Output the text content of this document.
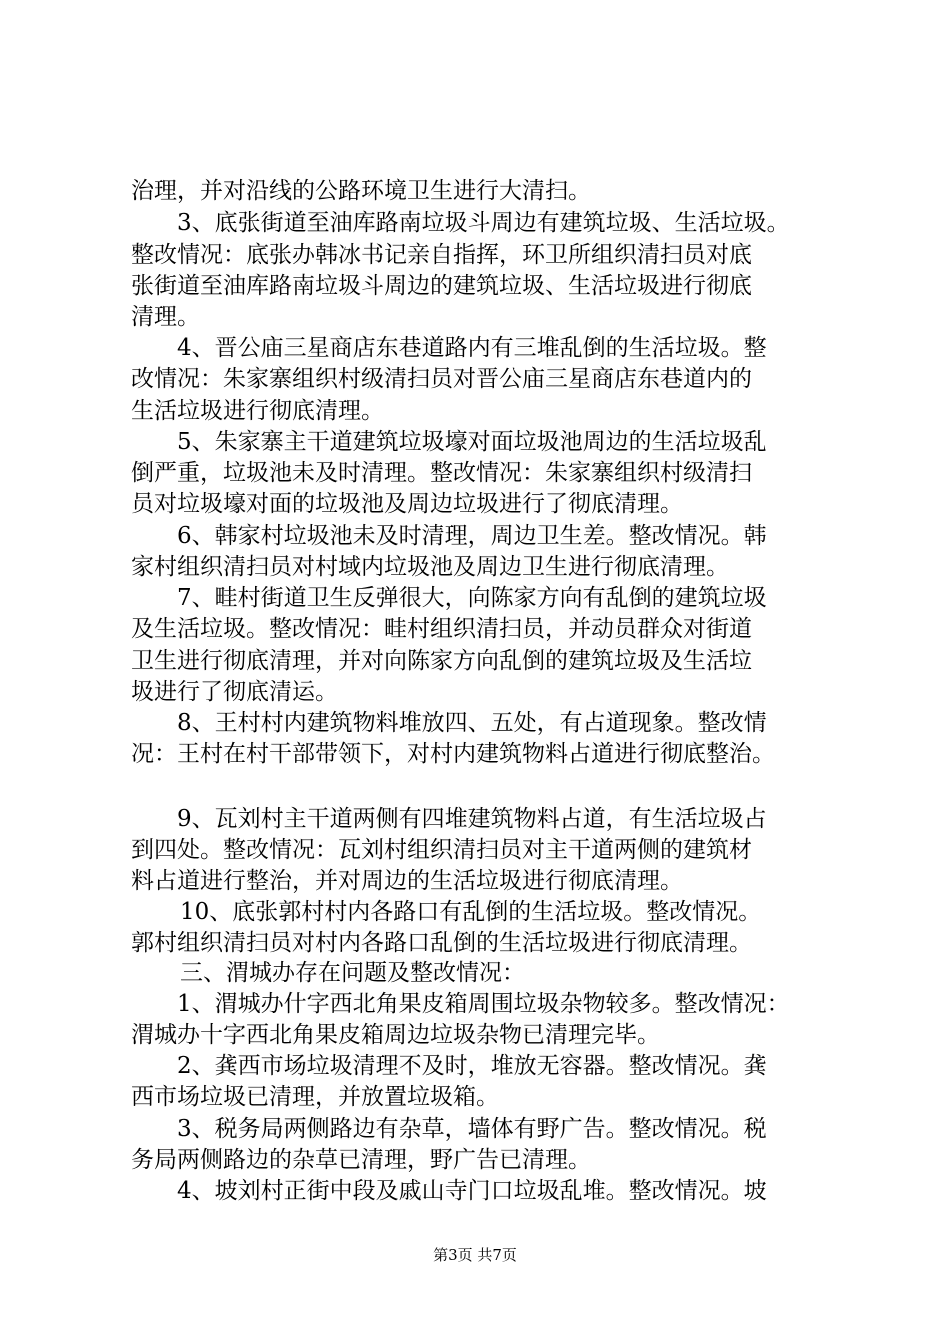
治理，并对沿线的公路环境卫生进行大清扫。
3、底张街道至油库路南垃圾斗周边有建筑垃圾、生活垃圾。
整改情况：底张办韩冰书记亲自指挥，环卫所组织清扫员对底
张街道至油库路南垃圾斗周边的建筑垃圾、生活垃圾进行彻底
清理。
4、晋公庙三星商店东巷道路内有三堆乱倒的生活垃圾。整
改情况：朱家寨组织村级清扫员对晋公庙三星商店东巷道内的
生活垃圾进行彻底清理。
5、朱家寨主干道建筑垃圾壕对面垃圾池周边的生活垃圾乱
倒严重，垃圾池未及时清理。整改情况：朱家寨组织村级清扫
员对垃圾壕对面的垃圾池及周边垃圾进行了彻底清理。
6、韩家村垃圾池未及时清理，周边卫生差。整改情况。韩
家村组织清扫员对村域内垃圾池及周边卫生进行彻底清理。
7、畦村街道卫生反弹很大，向陈家方向有乱倒的建筑垃圾
及生活垃圾。整改情况：畦村组织清扫员，并动员群众对街道
卫生进行彻底清理，并对向陈家方向乱倒的建筑垃圾及生活垃
圾进行了彻底清运。
8、王村村内建筑物料堆放四、五处，有占道现象。整改情
况：王村在村干部带领下，对村内建筑物料占道进行彻底整治。
9、瓦刘村主干道两侧有四堆建筑物料占道，有生活垃圾占
到四处。整改情况：瓦刘村组织清扫员对主干道两侧的建筑材
料占道进行整治，并对周边的生活垃圾进行彻底清理。
10、底张郭村村内各路口有乱倒的生活垃圾。整改情况。
郭村组织清扫员对村内各路口乱倒的生活垃圾进行彻底清理。
三、渭城办存在问题及整改情况：
1、渭城办什字西北角果皮箱周围垃圾杂物较多。整改情况：
渭城办十字西北角果皮箱周边垃圾杂物已清理完毕。
2、龚西市场垃圾清理不及时，堆放无容器。整改情况。龚
西市场垃圾已清理，并放置垃圾箱。
3、税务局两侧路边有杂草，墙体有野广告。整改情况。税
务局两侧路边的杂草已清理，野广告已清理。
4、坡刘村正街中段及戚山寺门口垃圾乱堆。整改情况。坡
第3页 共7页
